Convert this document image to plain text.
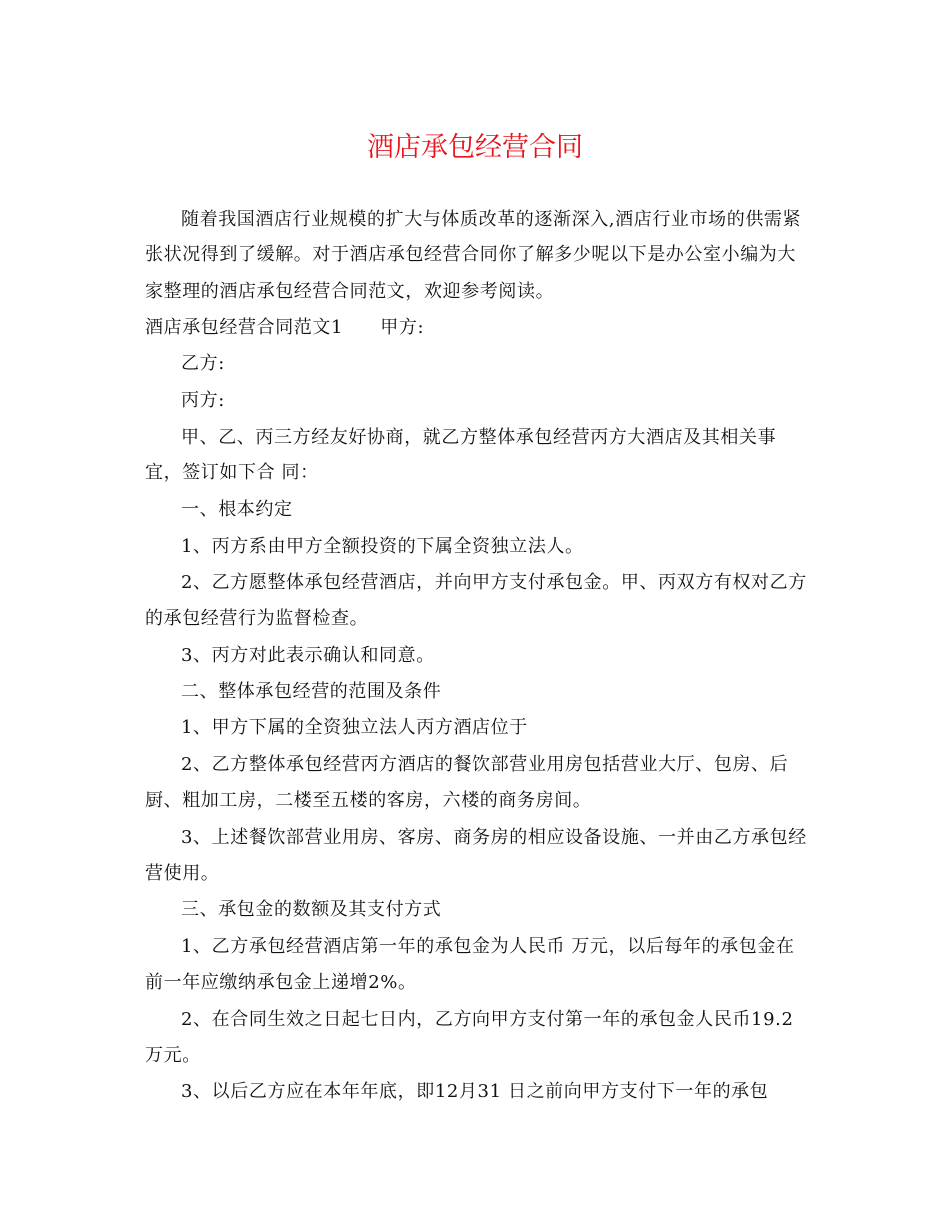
酒店承包经营合同
随着我国酒店行业规模的扩大与体质改革的逐渐深入,酒店行业市场的供需紧
张状况得到了缓解。对于酒店承包经营合同你了解多少呢以下是办公室小编为大
家整理的酒店承包经营合同范文，欢迎参考阅读。
酒店承包经营合同范文1　　甲方:
乙方:
丙方:
甲、乙、丙三方经友好协商，就乙方整体承包经营丙方大酒店及其相关事
宜，签订如下合 同：
一、根本约定
1、丙方系由甲方全额投资的下属全资独立法人。
2、乙方愿整体承包经营酒店，并向甲方支付承包金。甲、丙双方有权对乙方
的承包经营行为监督检查。
3、丙方对此表示确认和同意。
二、整体承包经营的范围及条件
1、甲方下属的全资独立法人丙方酒店位于
2、乙方整体承包经营丙方酒店的餐饮部营业用房包括营业大厅、包房、后
厨、粗加工房，二楼至五楼的客房，六楼的商务房间。
3、上述餐饮部营业用房、客房、商务房的相应设备设施、一并由乙方承包经
营使用。
三、承包金的数额及其支付方式
1、乙方承包经营酒店第一年的承包金为人民币 万元，以后每年的承包金在
前一年应缴纳承包金上递增2%。
2、在合同生效之日起七日内，乙方向甲方支付第一年的承包金人民币19.2
万元。
3、以后乙方应在本年年底，即12月31 日之前向甲方支付下一年的承包
